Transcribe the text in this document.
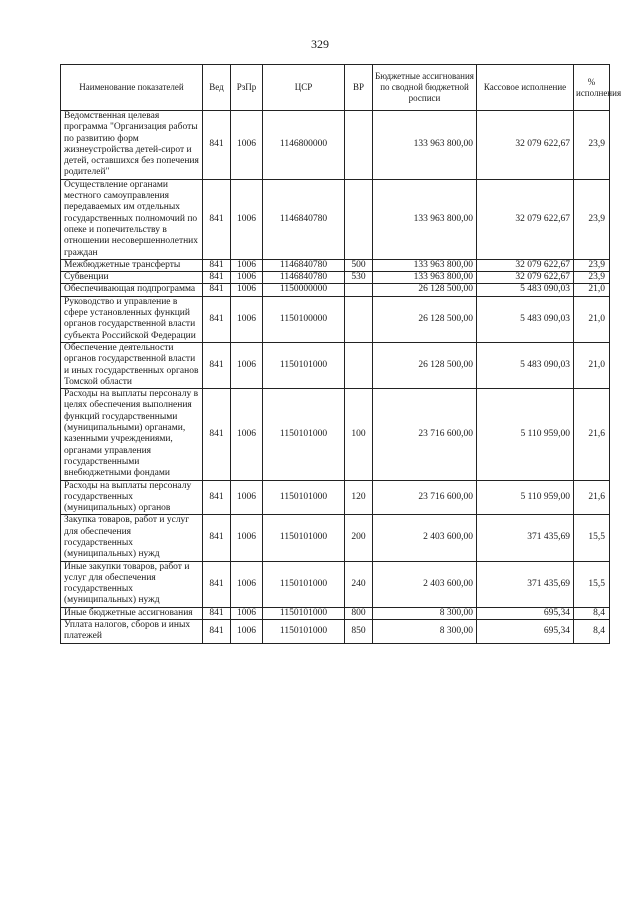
329
Наименование показателей	Вед	РзПр	ЦСР	ВР	Бюджетные ассигнования по сводной бюджетной росписи	Кассовое исполнение	% исполнения
Ведомственная целевая программа "Организация работы по развитию форм жизнеустройства детей-сирот и детей, оставшихся без попечения родителей"	841	1006	1146800000		133 963 800,00	32 079 622,67	23,9
Осуществление органами местного самоуправления передаваемых им отдельных государственных полномочий по опеке и попечительству в отношении несовершеннолетних граждан	841	1006	1146840780		133 963 800,00	32 079 622,67	23,9
Межбюджетные трансферты	841	1006	1146840780	500	133 963 800,00	32 079 622,67	23,9
Субвенции	841	1006	1146840780	530	133 963 800,00	32 079 622,67	23,9
Обеспечивающая подпрограмма	841	1006	1150000000		26 128 500,00	5 483 090,03	21,0
Руководство и управление в сфере установленных функций органов государственной власти субъекта Российской Федерации	841	1006	1150100000		26 128 500,00	5 483 090,03	21,0
Обеспечение деятельности органов государственной власти и иных государственных органов Томской области	841	1006	1150101000		26 128 500,00	5 483 090,03	21,0
Расходы на выплаты персоналу в целях обеспечения выполнения функций государственными (муниципальными) органами, казенными учреждениями, органами управления государственными внебюджетными фондами	841	1006	1150101000	100	23 716 600,00	5 110 959,00	21,6
Расходы на выплаты персоналу государственных (муниципальных) органов	841	1006	1150101000	120	23 716 600,00	5 110 959,00	21,6
Закупка товаров, работ и услуг для обеспечения государственных (муниципальных) нужд	841	1006	1150101000	200	2 403 600,00	371 435,69	15,5
Иные закупки товаров, работ и услуг для обеспечения государственных (муниципальных) нужд	841	1006	1150101000	240	2 403 600,00	371 435,69	15,5
Иные бюджетные ассигнования	841	1006	1150101000	800	8 300,00	695,34	8,4
Уплата налогов, сборов и иных платежей	841	1006	1150101000	850	8 300,00	695,34	8,4
